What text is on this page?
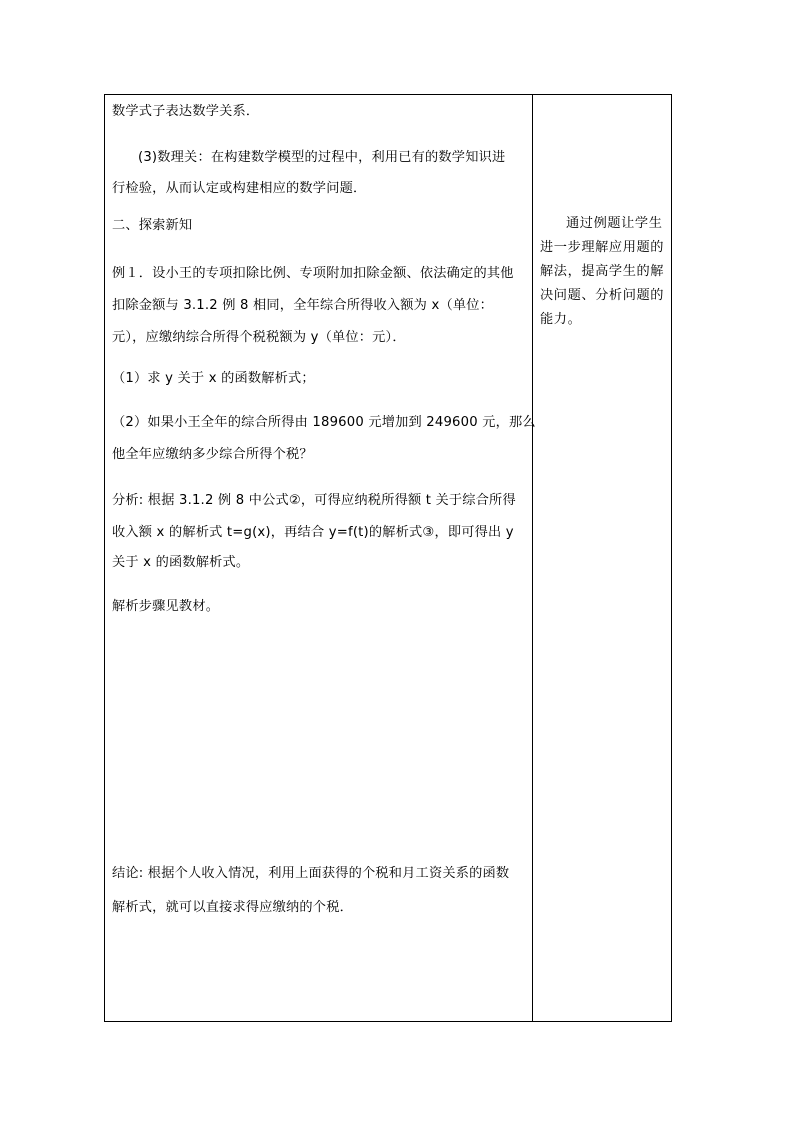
数学式子表达数学关系．

(3)数理关：在构建数学模型的过程中，利用已有的数学知识进

行检验，从而认定或构建相应的数学问题．

二、探索新知

例１．设小王的专项扣除比例、专项附加扣除金额、依法确定的其他

扣除金额与 3.1.2 例 8 相同，全年综合所得收入额为 x（单位：

元），应缴纳综合所得个税税额为 y（单位：元）．

（1）求 y 关于 x 的函数解析式；

（2）如果小王全年的综合所得由 189600 元增加到 249600 元，那么

他全年应缴纳多少综合所得个税？

分析: 根据 3.1.2 例 8 中公式②，可得应纳税所得额 t 关于综合所得

收入额 x 的解析式 t=g(x)，再结合 y=f(t)的解析式③，即可得出 y

关于 x 的函数解析式。

解析步骤见教材。

结论: 根据个人收入情况，利用上面获得的个税和月工资关系的函数

解析式，就可以直接求得应缴纳的个税．

通过例题让学生进一步理解应用题的解法，提高学生的解决问题、分析问题的能力。
